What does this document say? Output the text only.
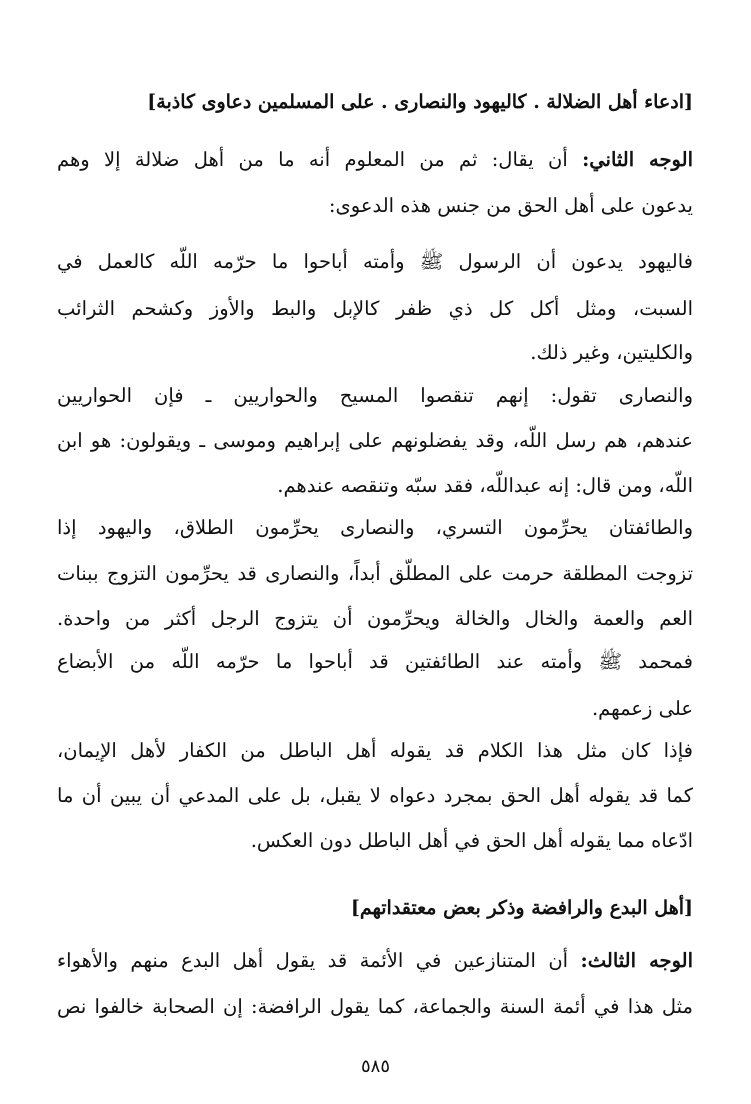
[ادعاء أهل الضلالة . كاليهود والنصارى . على المسلمين دعاوى كاذبة]
الوجه الثاني: أن يقال: ثم من المعلوم أنه ما من أهل ضلالة إلا وهم
يدعون على أهل الحق من جنس هذه الدعوى:
فاليهود يدعون أن الرسول ﷺ وأمته أباحوا ما حرّمه اللّه كالعمل في
السبت، ومثل أكل كل ذي ظفر كالإبل والبط والأوز وكشحم الثرائب
والكليتين، وغير ذلك.
والنصارى تقول: إنهم تنقصوا المسيح والحواريين ـ فإن الحواريين
عندهم، هم رسل اللّه، وقد يفضلونهم على إبراهيم وموسى ـ ويقولون: هو ابن
اللّه، ومن قال: إنه عبداللّه، فقد سبّه وتنقصه عندهم.
والطائفتان يحرِّمون التسري، والنصارى يحرِّمون الطلاق، واليهود إذا
تزوجت المطلقة حرمت على المطلّق أبداً، والنصارى قد يحرِّمون التزوج ببنات
العم والعمة والخال والخالة ويحرِّمون أن يتزوج الرجل أكثر من واحدة.
فمحمد ﷺ وأمته عند الطائفتين قد أباحوا ما حرّمه اللّه من الأبضاع
على زعمهم.
فإذا كان مثل هذا الكلام قد يقوله أهل الباطل من الكفار لأهل الإيمان،
كما قد يقوله أهل الحق بمجرد دعواه لا يقبل، بل على المدعي أن يبين أن ما
ادّعاه مما يقوله أهل الحق في أهل الباطل دون العكس.
[أهل البدع والرافضة وذكر بعض معتقداتهم]
الوجه الثالث: أن المتنازعين في الأئمة قد يقول أهل البدع منهم والأهواء
مثل هذا في أئمة السنة والجماعة، كما يقول الرافضة: إن الصحابة خالفوا نص
٥٨٥
